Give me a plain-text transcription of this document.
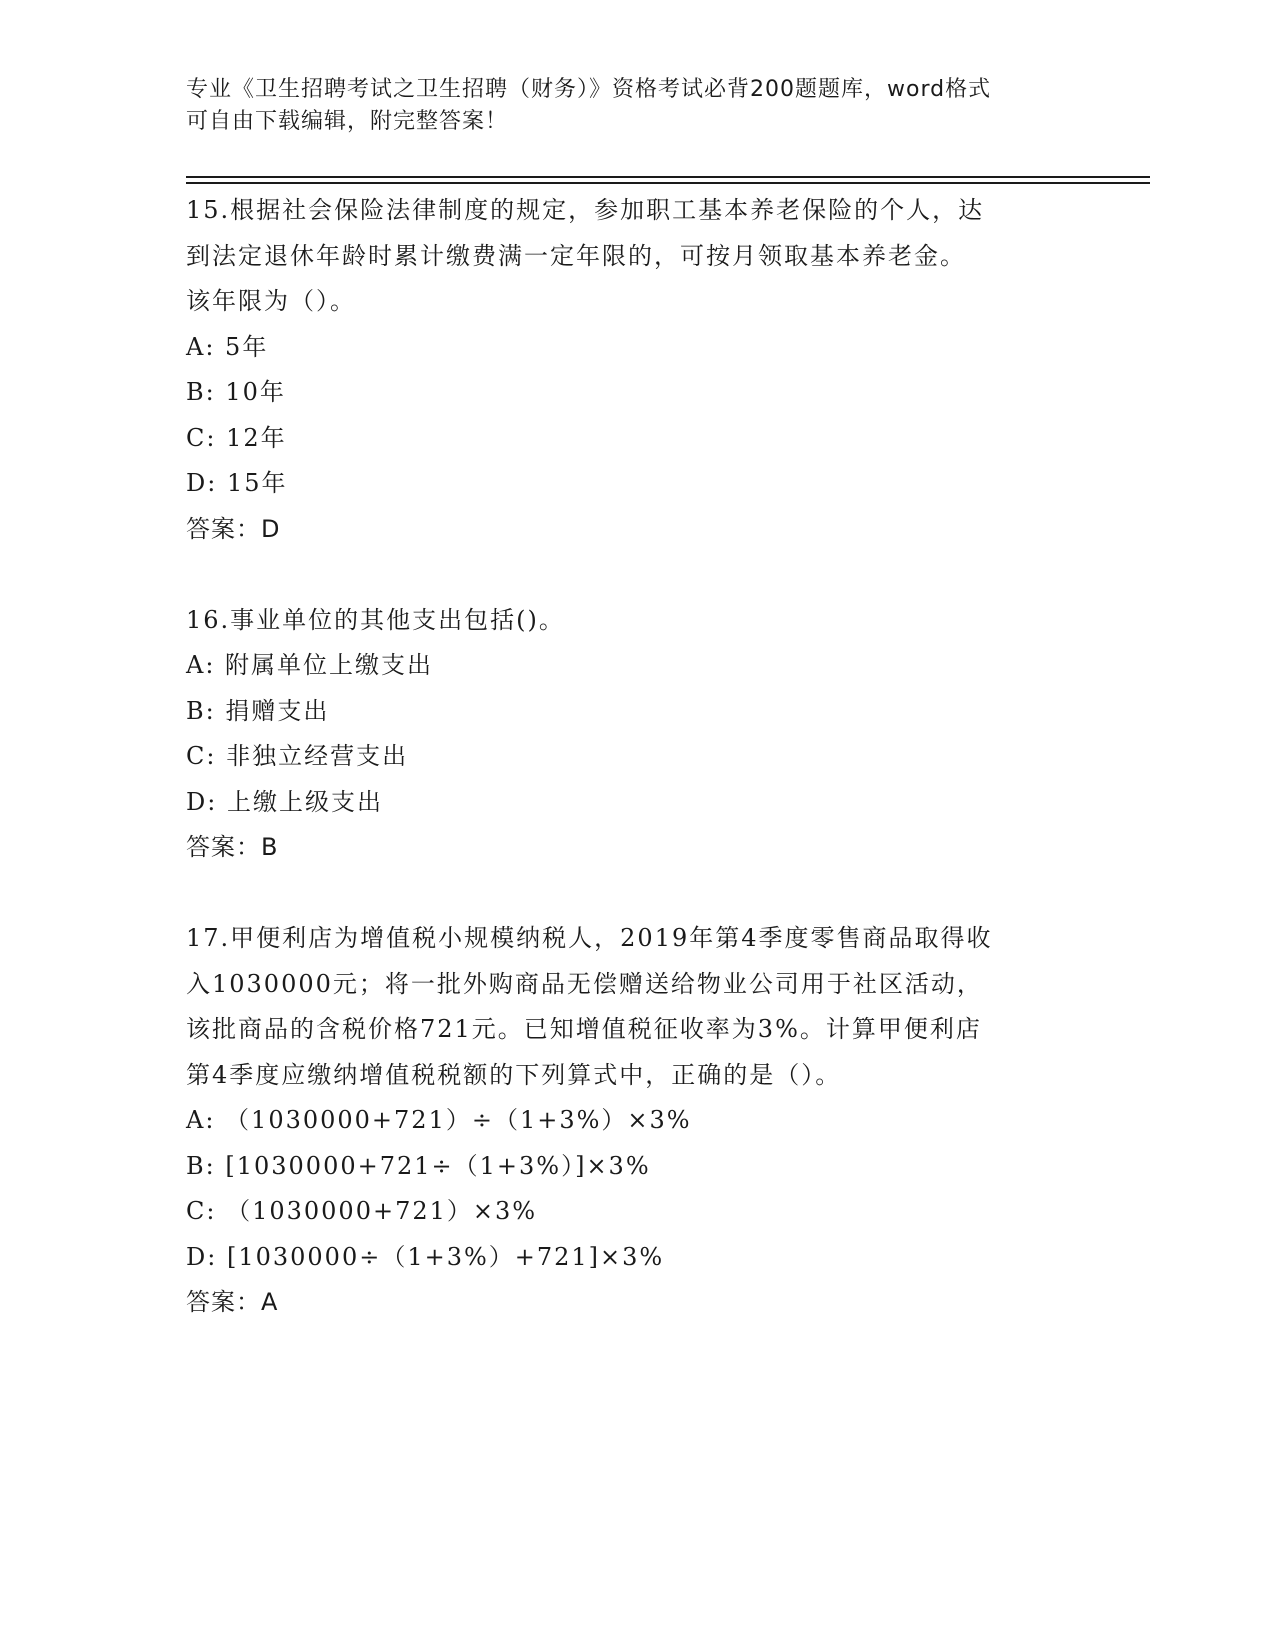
专业《卫生招聘考试之卫生招聘（财务）》资格考试必背200题题库，word格式
可自由下载编辑，附完整答案！
15.根据社会保险法律制度的规定，参加职工基本养老保险的个人，达
到法定退休年龄时累计缴费满一定年限的，可按月领取基本养老金。
该年限为（）。
A: 5年
B: 10年
C: 12年
D: 15年
答案：D
16.事业单位的其他支出包括()。
A: 附属单位上缴支出
B: 捐赠支出
C: 非独立经营支出
D: 上缴上级支出
答案：B
17.甲便利店为增值税小规模纳税人，2019年第4季度零售商品取得收
入1030000元；将一批外购商品无偿赠送给物业公司用于社区活动，
该批商品的含税价格721元。已知增值税征收率为3%。计算甲便利店
第4季度应缴纳增值税税额的下列算式中，正确的是（）。
A: （1030000+721）÷（1+3%）×3%
B: [1030000+721÷（1+3%）]×3%
C: （1030000+721）×3%
D: [1030000÷（1+3%）+721]×3%
答案：A
